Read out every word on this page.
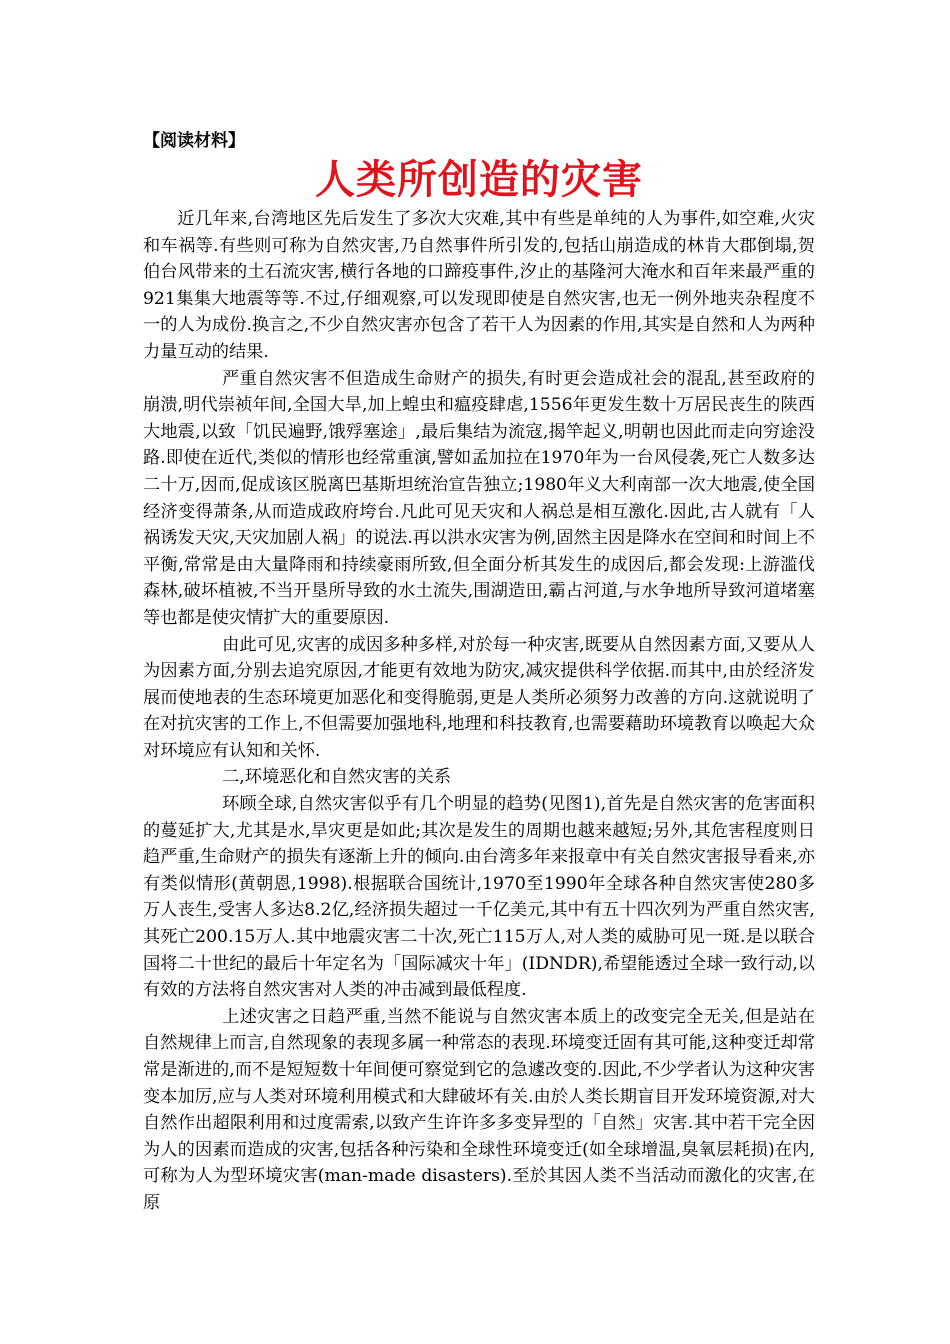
【阅读材料】
人类所创造的灾害

近几年来,台湾地区先后发生了多次大灾难,其中有些是单纯的人为事件,如空难,火灾和车祸等.有些则可称为自然灾害,乃自然事件所引发的,包括山崩造成的林肯大郡倒塌,贺伯台风带来的土石流灾害,横行各地的口蹄疫事件,汐止的基隆河大淹水和百年来最严重的921集集大地震等等.不过,仔细观察,可以发现即使是自然灾害,也无一例外地夹杂程度不一的人为成份.换言之,不少自然灾害亦包含了若干人为因素的作用,其实是自然和人为两种力量互动的结果.

严重自然灾害不但造成生命财产的损失,有时更会造成社会的混乱,甚至政府的崩溃,明代崇祯年间,全国大旱,加上蝗虫和瘟疫肆虐,1556年更发生数十万居民丧生的陕西大地震,以致「饥民遍野,饿殍塞途」,最后集结为流寇,揭竿起义,明朝也因此而走向穷途没路.即使在近代,类似的情形也经常重演,譬如孟加拉在1970年为一台风侵袭,死亡人数多达二十万,因而,促成该区脱离巴基斯坦统治宣告独立;1980年义大利南部一次大地震,使全国经济变得萧条,从而造成政府垮台.凡此可见天灾和人祸总是相互激化.因此,古人就有「人祸诱发天灾,天灾加剧人祸」的说法.再以洪水灾害为例,固然主因是降水在空间和时间上不平衡,常常是由大量降雨和持续豪雨所致,但全面分析其发生的成因后,都会发现:上游滥伐森林,破坏植被,不当开垦所导致的水土流失,围湖造田,霸占河道,与水争地所导致河道堵塞等也都是使灾情扩大的重要原因.

由此可见,灾害的成因多种多样,对於每一种灾害,既要从自然因素方面,又要从人为因素方面,分别去追究原因,才能更有效地为防灾,减灾提供科学依据.而其中,由於经济发展而使地表的生态环境更加恶化和变得脆弱,更是人类所必须努力改善的方向.这就说明了在对抗灾害的工作上,不但需要加强地科,地理和科技教育,也需要藉助环境教育以唤起大众对环境应有认知和关怀.

二,环境恶化和自然灾害的关系

环顾全球,自然灾害似乎有几个明显的趋势(见图1),首先是自然灾害的危害面积的蔓延扩大,尤其是水,旱灾更是如此;其次是发生的周期也越来越短;另外,其危害程度则日趋严重,生命财产的损失有逐渐上升的倾向.由台湾多年来报章中有关自然灾害报导看来,亦有类似情形(黄朝恩,1998).根据联合国统计,1970至1990年全球各种自然灾害使280多万人丧生,受害人多达8.2亿,经济损失超过一千亿美元,其中有五十四次列为严重自然灾害,其死亡200.15万人.其中地震灾害二十次,死亡115万人,对人类的威胁可见一斑.是以联合国将二十世纪的最后十年定名为「国际减灾十年」(IDNDR),希望能透过全球一致行动,以有效的方法将自然灾害对人类的冲击减到最低程度.

上述灾害之日趋严重,当然不能说与自然灾害本质上的改变完全无关,但是站在自然规律上而言,自然现象的表现多属一种常态的表现.环境变迁固有其可能,这种变迁却常常是渐进的,而不是短短数十年间便可察觉到它的急遽改变的.因此,不少学者认为这种灾害变本加厉,应与人类对环境利用模式和大肆破坏有关.由於人类长期盲目开发环境资源,对大自然作出超限利用和过度需索,以致产生许许多多变异型的「自然」灾害.其中若干完全因为人的因素而造成的灾害,包括各种污染和全球性环境变迁(如全球增温,臭氧层耗损)在内,可称为人为型环境灾害(man-made disasters).至於其因人类不当活动而激化的灾害,在原
